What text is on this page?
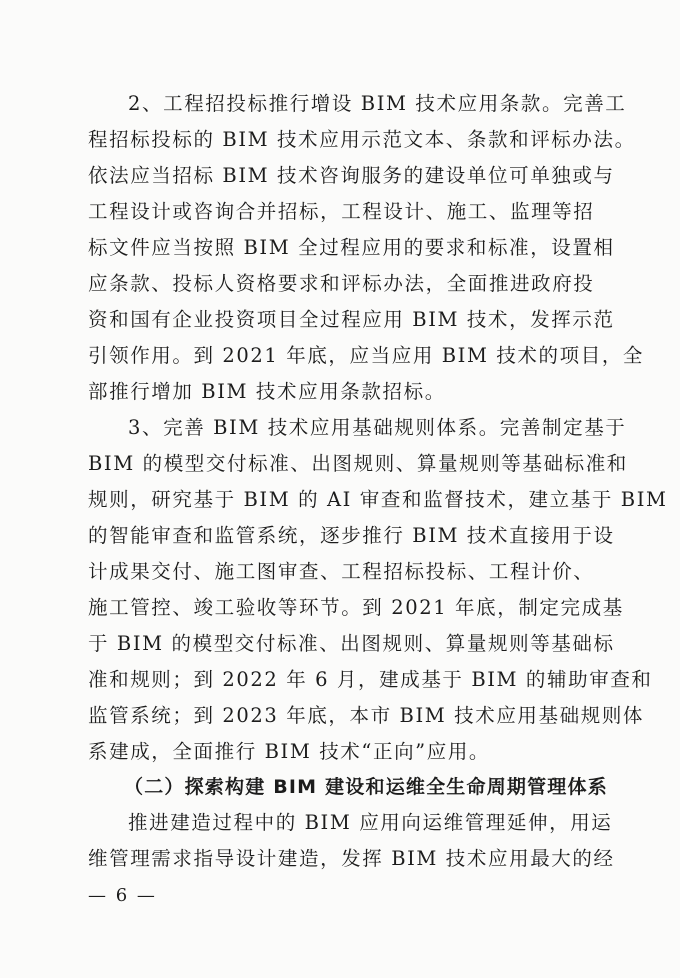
2、工程招投标推行增设 BIM 技术应用条款。完善工
程招标投标的 BIM 技术应用示范文本、条款和评标办法。
依法应当招标 BIM 技术咨询服务的建设单位可单独或与
工程设计或咨询合并招标，工程设计、施工、监理等招
标文件应当按照 BIM 全过程应用的要求和标准，设置相
应条款、投标人资格要求和评标办法，全面推进政府投
资和国有企业投资项目全过程应用 BIM 技术，发挥示范
引领作用。到 2021 年底，应当应用 BIM 技术的项目，全
部推行增加 BIM 技术应用条款招标。
3、完善 BIM 技术应用基础规则体系。完善制定基于
BIM 的模型交付标准、出图规则、算量规则等基础标准和
规则，研究基于 BIM 的 AI 审查和监督技术，建立基于 BIM
的智能审查和监管系统，逐步推行 BIM 技术直接用于设
计成果交付、施工图审查、工程招标投标、工程计价、
施工管控、竣工验收等环节。到 2021 年底，制定完成基
于 BIM 的模型交付标准、出图规则、算量规则等基础标
准和规则；到 2022 年 6 月，建成基于 BIM 的辅助审查和
监管系统；到 2023 年底，本市 BIM 技术应用基础规则体
系建成，全面推行 BIM 技术“正向”应用。
（二）探索构建 BIM 建设和运维全生命周期管理体系
推进建造过程中的 BIM 应用向运维管理延伸，用运
维管理需求指导设计建造，发挥 BIM 技术应用最大的经
— 6 —
